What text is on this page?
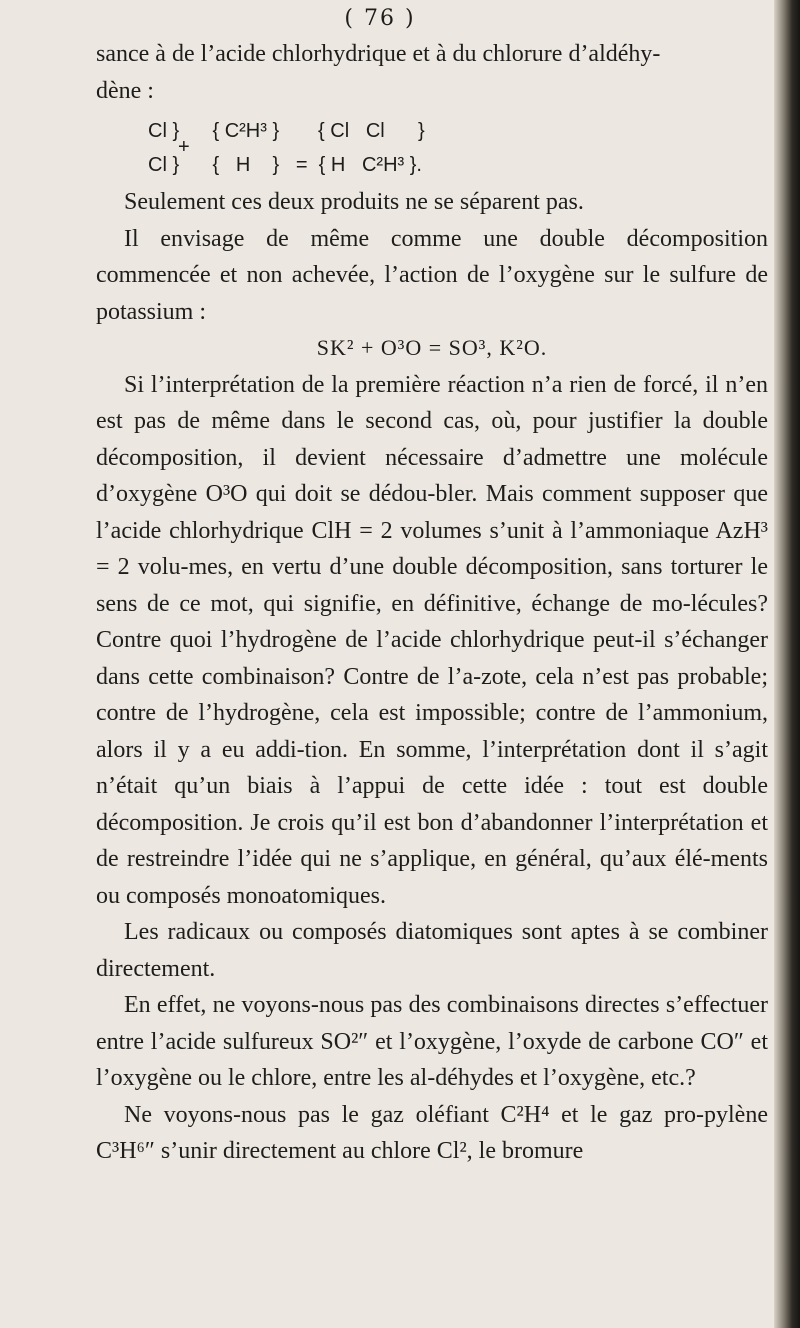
( 76 )

sance à de l’acide chlorhydrique et à du chlorure d’aldéhy-

dène :

Cl }      { C²H³ }       { Cl   Cl      }
Cl }      {   H    }   =  { H   C²H³ }.
+

Seulement ces deux produits ne se séparent pas.

Il envisage de même comme une double décomposition commencée et non achevée, l’action de l’oxygène sur le sulfure de potassium :

SK² + O³O = SO³, K²O.

Si l’interprétation de la première réaction n’a rien de forcé, il n’en est pas de même dans le second cas, où, pour justifier la double décomposition, il devient nécessaire d’admettre une molécule d’oxygène O³O qui doit se dédou-bler. Mais comment supposer que l’acide chlorhydrique ClH = 2 volumes s’unit à l’ammoniaque AzH³ = 2 volu-mes, en vertu d’une double décomposition, sans torturer le sens de ce mot, qui signifie, en définitive, échange de mo-lécules? Contre quoi l’hydrogène de l’acide chlorhydrique peut-il s’échanger dans cette combinaison? Contre de l’a-zote, cela n’est pas probable; contre de l’hydrogène, cela est impossible; contre de l’ammonium, alors il y a eu addi-tion. En somme, l’interprétation dont il s’agit n’était qu’un biais à l’appui de cette idée : tout est double décomposition. Je crois qu’il est bon d’abandonner l’interprétation et de restreindre l’idée qui ne s’applique, en général, qu’aux élé-ments ou composés monoatomiques.

Les radicaux ou composés diatomiques sont aptes à se combiner directement.

En effet, ne voyons-nous pas des combinaisons directes s’effectuer entre l’acide sulfureux SO²″ et l’oxygène, l’oxyde de carbone CO″ et l’oxygène ou le chlore, entre les al-déhydes et l’oxygène, etc.?

Ne voyons-nous pas le gaz oléfiant C²H⁴ et le gaz pro-pylène C³H⁶″ s’unir directement au chlore Cl², le bromure
